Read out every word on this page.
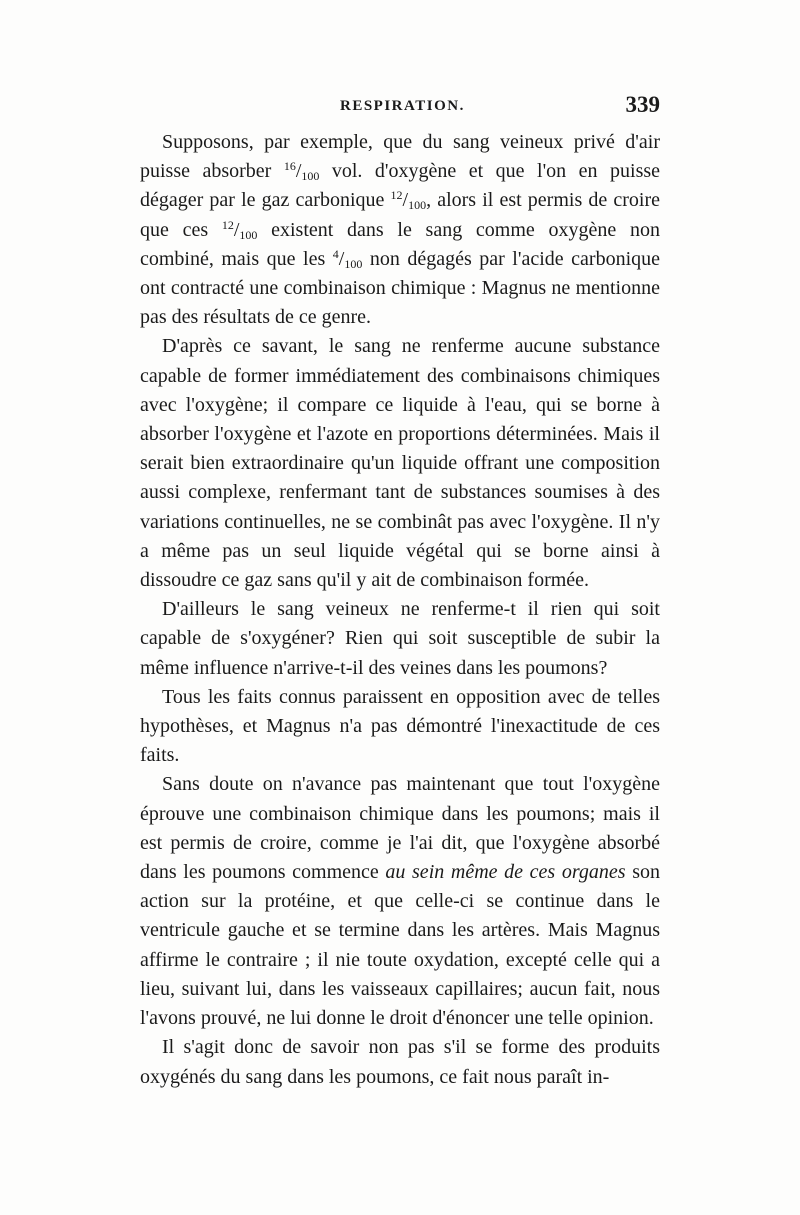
RESPIRATION.	339

Supposons, par exemple, que du sang veineux privé d'air puisse absorber $^{16}/_{100}$ vol. d'oxygène et que l'on en puisse dégager par le gaz carbonique $^{12}/_{100}$, alors il est permis de croire que ces $^{12}/_{100}$ existent dans le sang comme oxygène non combiné, mais que les $^4/_{100}$ non dégagés par l'acide carbonique ont contracté une combinaison chimique : Magnus ne mentionne pas des résultats de ce genre.

D'après ce savant, le sang ne renferme aucune substance capable de former immédiatement des combinaisons chimiques avec l'oxygène; il compare ce liquide à l'eau, qui se borne à absorber l'oxygène et l'azote en proportions déterminées. Mais il serait bien extraordinaire qu'un liquide offrant une composition aussi complexe, renfermant tant de substances soumises à des variations continuelles, ne se combinât pas avec l'oxygène. Il n'y a même pas un seul liquide végétal qui se borne ainsi à dissoudre ce gaz sans qu'il y ait de combinaison formée.

D'ailleurs le sang veineux ne renferme-t il rien qui soit capable de s'oxygéner? Rien qui soit susceptible de subir la même influence n'arrive-t-il des veines dans les poumons?

Tous les faits connus paraissent en opposition avec de telles hypothèses, et Magnus n'a pas démontré l'inexactitude de ces faits.

Sans doute on n'avance pas maintenant que tout l'oxygène éprouve une combinaison chimique dans les poumons; mais il est permis de croire, comme je l'ai dit, que l'oxygène absorbé dans les poumons commence au sein même de ces organes son action sur la protéine, et que celle-ci se continue dans le ventricule gauche et se termine dans les artères. Mais Magnus affirme le contraire ; il nie toute oxydation, excepté celle qui a lieu, suivant lui, dans les vaisseaux capillaires; aucun fait, nous l'avons prouvé, ne lui donne le droit d'énoncer une telle opinion.

Il s'agit donc de savoir non pas s'il se forme des produits oxygénés du sang dans les poumons, ce fait nous paraît in-
